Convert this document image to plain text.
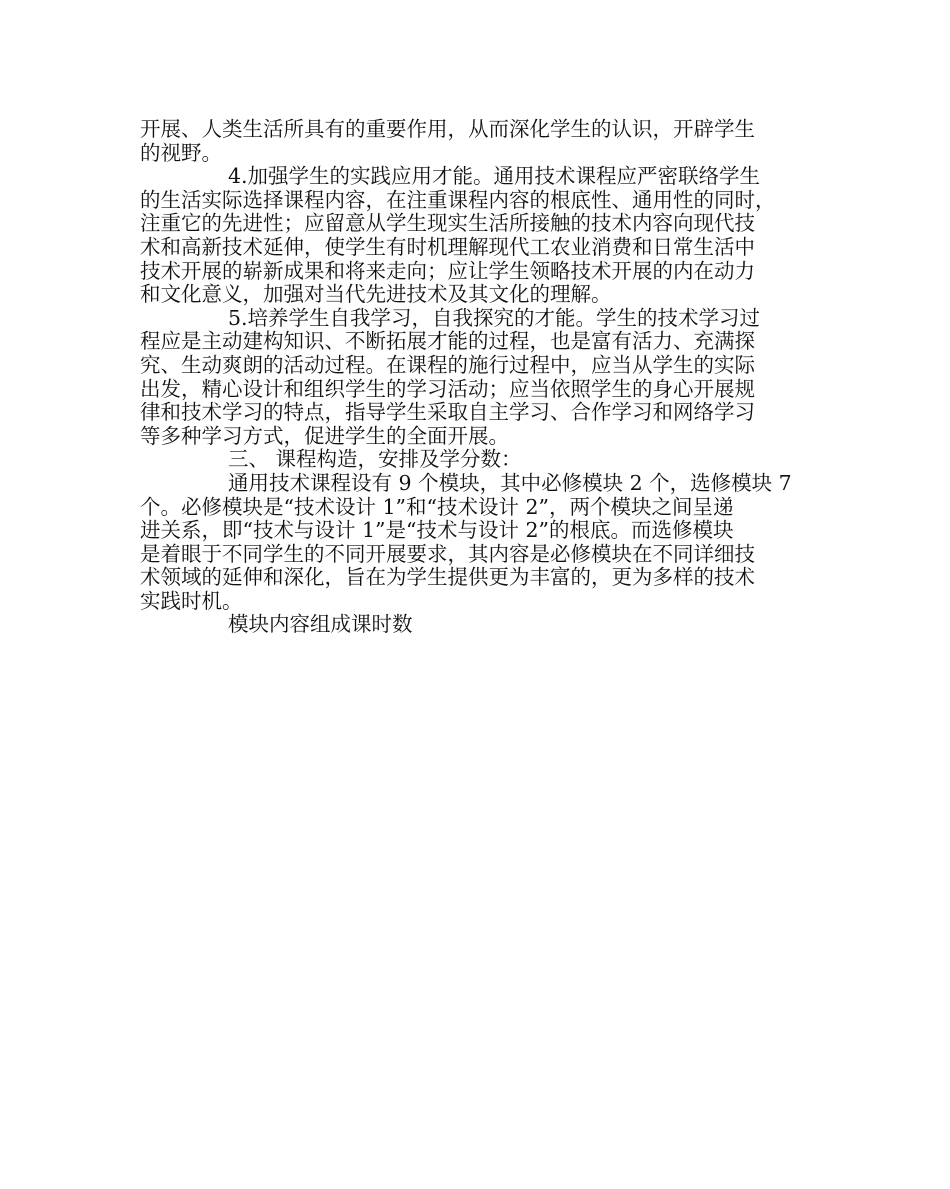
开展、人类生活所具有的重要作用，从而深化学生的认识，开辟学生
的视野。
4.加强学生的实践应用才能。通用技术课程应严密联络学生
的生活实际选择课程内容，在注重课程内容的根底性、通用性的同时，
注重它的先进性；应留意从学生现实生活所接触的技术内容向现代技
术和高新技术延伸，使学生有时机理解现代工农业消费和日常生活中
技术开展的崭新成果和将来走向；应让学生领略技术开展的内在动力
和文化意义，加强对当代先进技术及其文化的理解。
5.培养学生自我学习，自我探究的才能。学生的技术学习过
程应是主动建构知识、不断拓展才能的过程，也是富有活力、充满探
究、生动爽朗的活动过程。在课程的施行过程中，应当从学生的实际
出发，精心设计和组织学生的学习活动；应当依照学生的身心开展规
律和技术学习的特点，指导学生采取自主学习、合作学习和网络学习
等多种学习方式，促进学生的全面开展。
三、 课程构造，安排及学分数：
通用技术课程设有 9 个模块，其中必修模块 2 个，选修模块 7
个。必修模块是“技术设计 1”和“技术设计 2”，两个模块之间呈递
进关系，即“技术与设计 1”是“技术与设计 2”的根底。而选修模块
是着眼于不同学生的不同开展要求，其内容是必修模块在不同详细技
术领域的延伸和深化，旨在为学生提供更为丰富的，更为多样的技术
实践时机。
模块内容组成课时数
